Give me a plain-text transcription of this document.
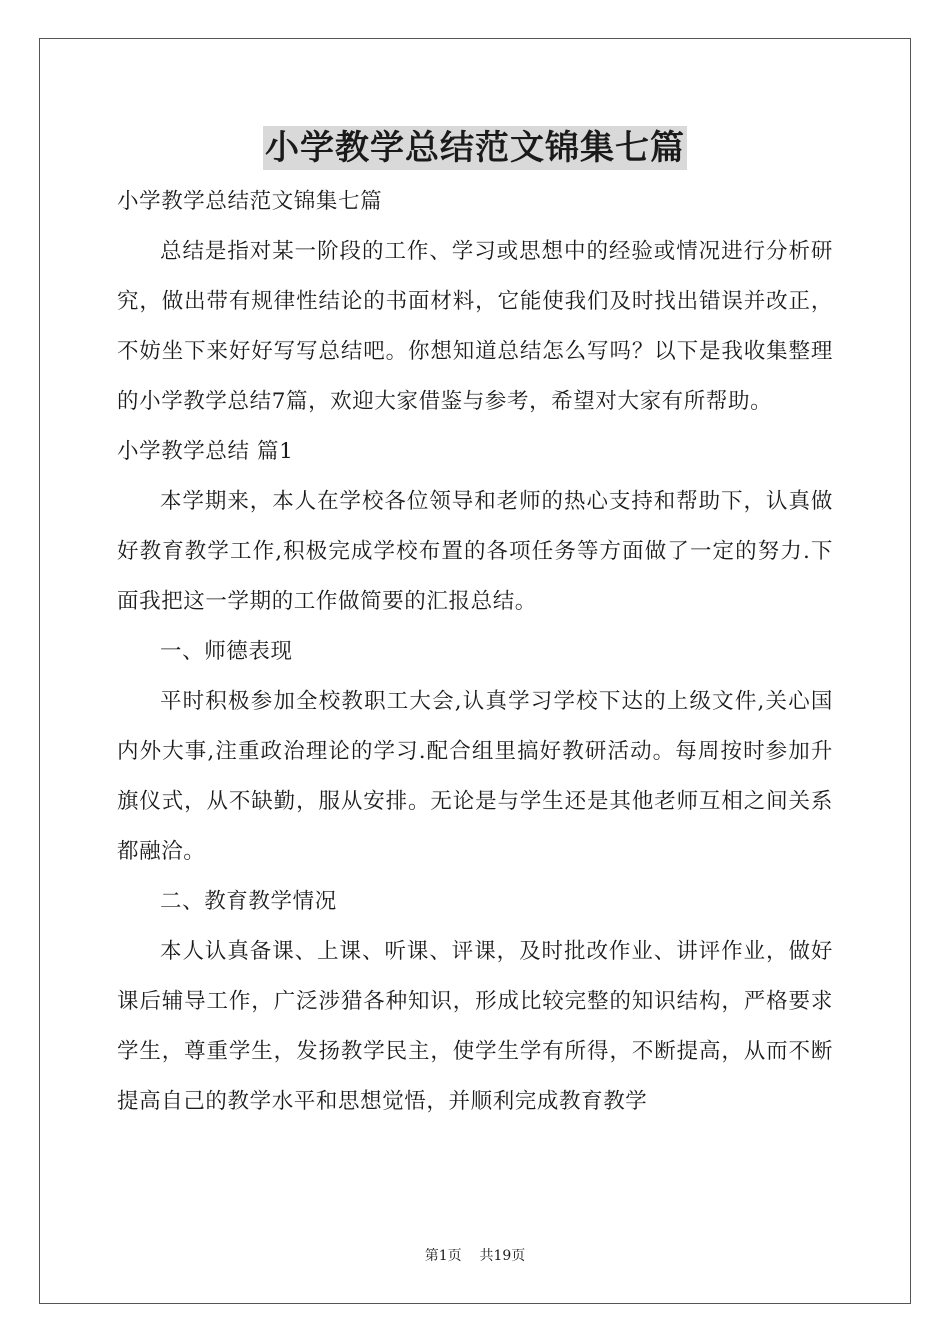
小学教学总结范文锦集七篇

小学教学总结范文锦集七篇

总结是指对某一阶段的工作、学习或思想中的经验或情况进行分析研究，做出带有规律性结论的书面材料，它能使我们及时找出错误并改正，不妨坐下来好好写写总结吧。你想知道总结怎么写吗？以下是我收集整理的小学教学总结7篇，欢迎大家借鉴与参考，希望对大家有所帮助。

小学教学总结 篇1

本学期来，本人在学校各位领导和老师的热心支持和帮助下，认真做好教育教学工作,积极完成学校布置的各项任务等方面做了一定的努力.下面我把这一学期的工作做简要的汇报总结。

一、师德表现

平时积极参加全校教职工大会,认真学习学校下达的上级文件,关心国内外大事,注重政治理论的学习.配合组里搞好教研活动。每周按时参加升旗仪式，从不缺勤，服从安排。无论是与学生还是其他老师互相之间关系都融洽。

二、教育教学情况

本人认真备课、上课、听课、评课，及时批改作业、讲评作业，做好课后辅导工作，广泛涉猎各种知识，形成比较完整的知识结构，严格要求学生，尊重学生，发扬教学民主，使学生学有所得，不断提高，从而不断提高自己的教学水平和思想觉悟，并顺利完成教育教学

第1页    共19页
